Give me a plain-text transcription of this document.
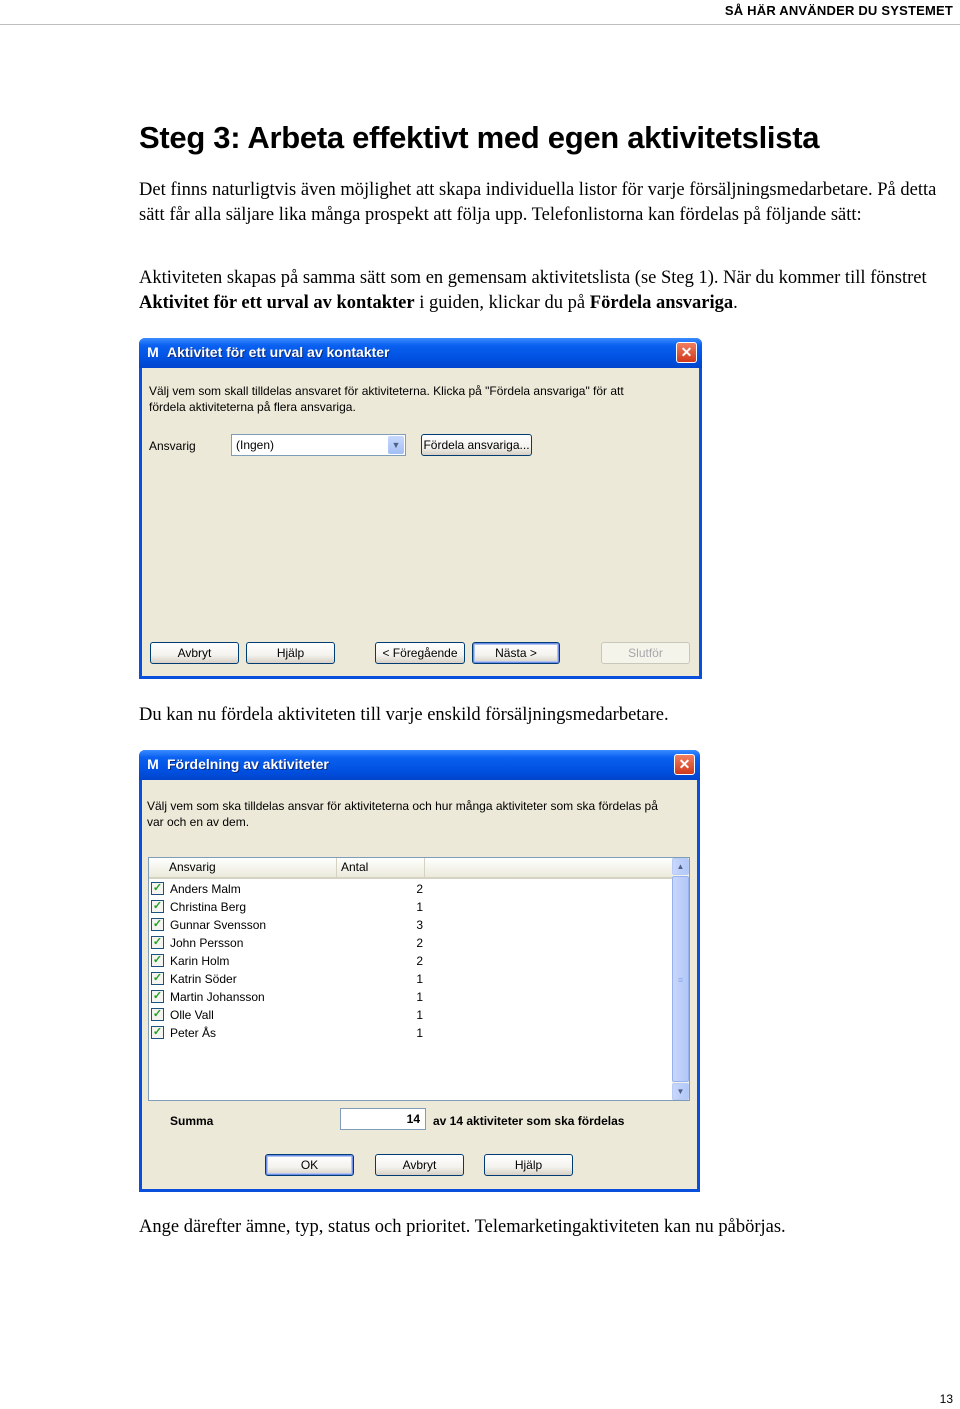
SÅ HÄR ANVÄNDER DU SYSTEMET
Steg 3: Arbeta effektivt med egen aktivitetslista

Det finns naturligtvis även möjlighet att skapa individuella listor för varje försäljningsmedarbetare. På detta sätt får alla säljare lika många prospekt att följa upp. Telefonlistorna kan fördelas på följande sätt:

Aktiviteten skapas på samma sätt som en gemensam aktivitetslista (se Steg 1). När du kommer till fönstret Aktivitet för ett urval av kontakter i guiden, klickar du på Fördela ansvariga.

M Aktivitet för ett urval av kontakter	✕
Välj vem som skall tilldelas ansvaret för aktiviteterna. Klicka på "Fördela ansvariga" för att fördela aktiviteterna på flera ansvariga.
Ansvarig	(Ingen)	▼ Fördela ansvariga...
Avbryt	Hjälp	< Föregående	Nästa >	Slutför

Du kan nu fördela aktiviteten till varje enskild försäljningsmedarbetare.

M Fördelning av aktiviteter	✕
Välj vem som ska tilldelas ansvar för aktiviteterna och hur många aktiviteter som ska fördelas på var och en av dem.
Ansvarig	Antal
✓ Anders Malm	2
✓ Christina Berg	1
✓ Gunnar Svensson	3
✓ John Persson	2
✓ Karin Holm	2
✓ Katrin Söder	1
✓ Martin Johansson	1
✓ Olle Vall	1
✓ Peter Ås	1
▲
≡
▼
Summa	14	av 14 aktiviteter som ska fördelas
OK	Avbryt	Hjälp

Ange därefter ämne, typ, status och prioritet. Telemarketingaktiviteten kan nu påbörjas.

13
